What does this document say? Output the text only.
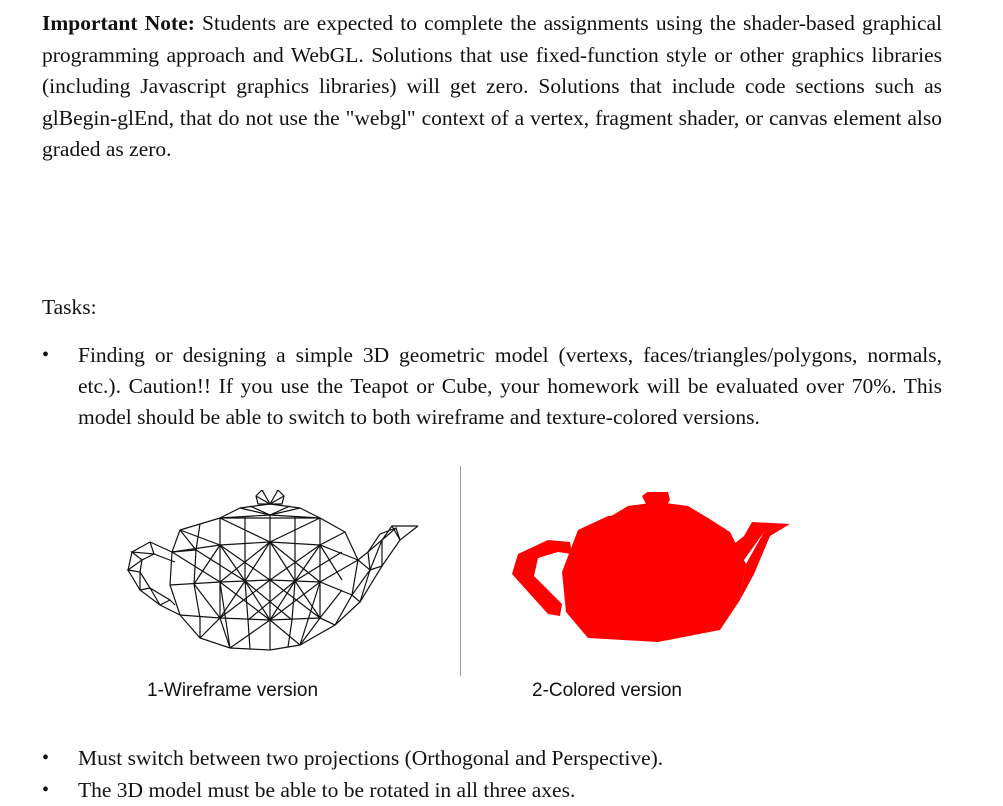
Important Note: Students are expected to complete the assignments using the shader-based graphical programming approach and WebGL. Solutions that use fixed-function style or other graphics libraries (including Javascript graphics libraries) will get zero. Solutions that include code sections such as glBegin-glEnd, that do not use the "webgl" context of a vertex, fragment shader, or canvas element also graded as zero.

Tasks:

•	Finding or designing a simple 3D geometric model (vertexs, faces/triangles/polygons, normals, etc.). Caution!! If you use the Teapot or Cube, your homework will be evaluated over 70%. This model should be able to switch to both wireframe and texture-colored versions.
1-Wireframe version	2-Colored version
•	Must switch between two projections (Orthogonal and Perspective).
•	The 3D model must be able to be rotated in all three axes.
